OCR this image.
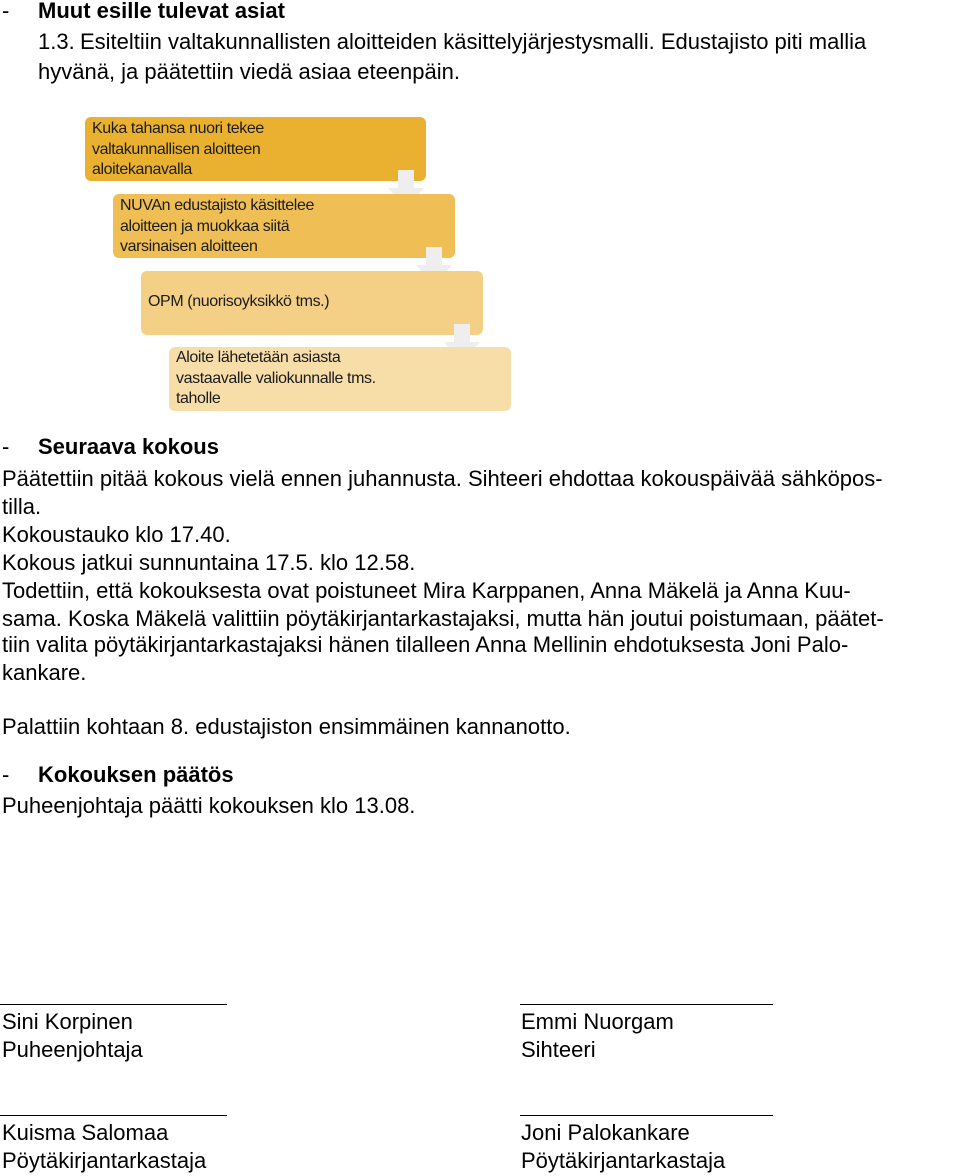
- Muut esille tulevat asiat
1.3. Esiteltiin valtakunnallisten aloitteiden käsittelyjärjestysmalli. Edustajisto piti mallia
hyvänä, ja päätettiin viedä asiaa eteenpäin.
Kuka tahansa nuori tekee
valtakunnallisen aloitteen
aloitekanavalla
NUVAn edustajisto käsittelee
aloitteen ja muokkaa siitä
varsinaisen aloitteen
OPM (nuorisoyksikkö tms.)
Aloite lähetetään asiasta
vastaavalle valiokunnalle tms.
taholle
- Seuraava kokous
Päätettiin pitää kokous vielä ennen juhannusta. Sihteeri ehdottaa kokouspäivää sähköpos-
tilla.
Kokoustauko klo 17.40.
Kokous jatkui sunnuntaina 17.5. klo 12.58.
Todettiin, että kokouksesta ovat poistuneet Mira Karppanen, Anna Mäkelä ja Anna Kuu-
sama. Koska Mäkelä valittiin pöytäkirjantarkastajaksi, mutta hän joutui poistumaan, päätet-
tiin valita pöytäkirjantarkastajaksi hänen tilalleen Anna Mellinin ehdotuksesta Joni Palo-
kankare.
Palattiin kohtaan 8. edustajiston ensimmäinen kannanotto.
- Kokouksen päätös
Puheenjohtaja päätti kokouksen klo 13.08.
Sini Korpinen
Puheenjohtaja
Emmi Nuorgam
Sihteeri
Kuisma Salomaa
Pöytäkirjantarkastaja
Joni Palokankare
Pöytäkirjantarkastaja
